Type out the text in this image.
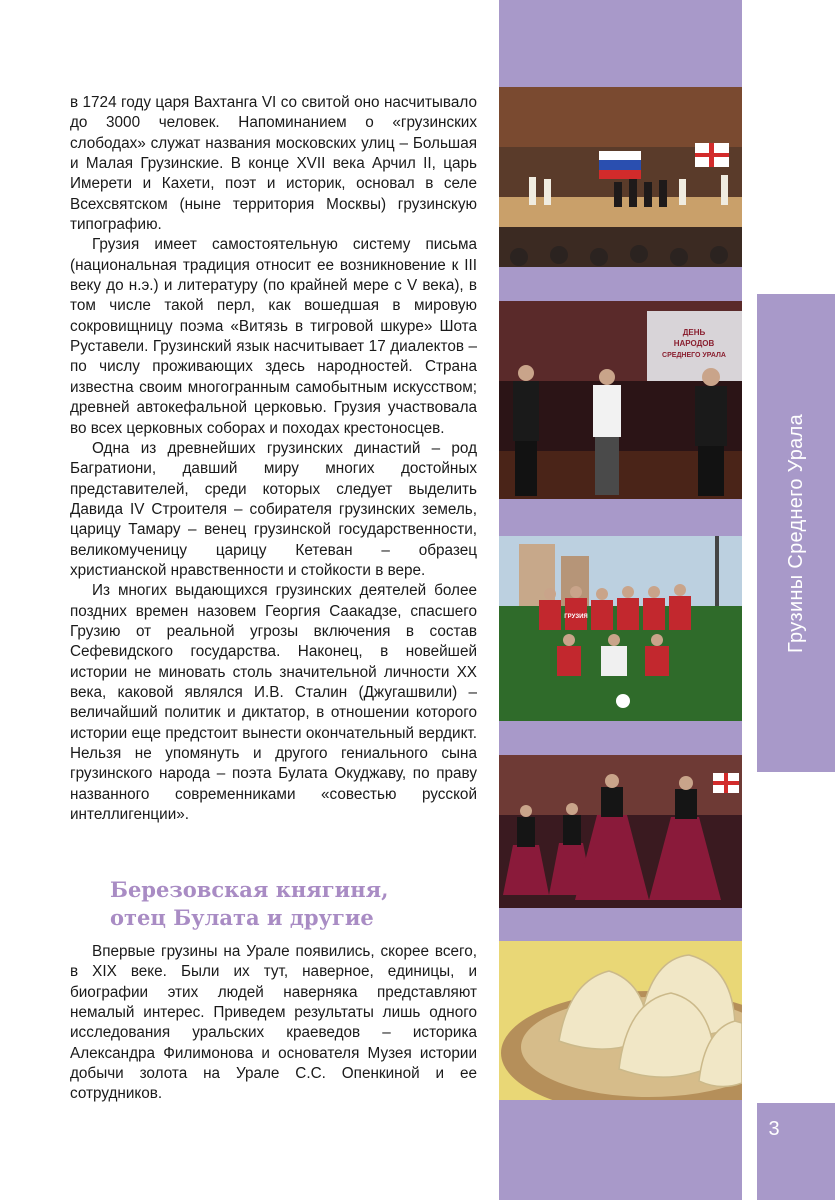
в 1724 году царя Вахтанга VI со свитой оно насчитывало до 3000 человек. Напоминанием о «грузинских слободах» служат названия московских улиц – Большая и Малая Грузинские. В конце XVII века Арчил II, царь Имерети и Кахети, поэт и историк, основал в селе Всехсвятском (ныне территория Москвы) грузинскую типографию.

Грузия имеет самостоятельную систему письма (национальная традиция относит ее возникновение к III веку до н.э.) и литературу (по крайней мере с V века), в том числе такой перл, как вошедшая в мировую сокровищницу поэма «Витязь в тигровой шкуре» Шота Руставели. Грузинский язык насчитывает 17 диалектов – по числу проживающих здесь народностей. Страна известна своим многогранным самобытным искусством; древней автокефальной церковью. Грузия участвовала во всех церковных соборах и походах крестоносцев.

Одна из древнейших грузинских династий – род Багратиони, давший миру многих достойных представителей, среди которых следует выделить Давида IV Строителя – собирателя грузинских земель, царицу Тамару – венец грузинской государственности, великомученицу царицу Кетеван – образец христианской нравственности и стойкости в вере.

Из многих выдающихся грузинских деятелей более поздних времен назовем Георгия Саакадзе, спасшего Грузию от реальной угрозы включения в состав Сефевидского государства. Наконец, в новейшей истории не миновать столь значительной личности XX века, каковой являлся И.В. Сталин (Джугашвили) – величайший политик и диктатор, в отношении которого истории еще предстоит вынести окончательный вердикт. Нельзя не упомянуть и другого гениального сына грузинского народа – поэта Булата Окуджаву, по праву названного современниками «совестью русской интеллигенции».

Березовская княгиня,
отец Булата и другие

Впервые грузины на Урале появились, скорее всего, в XIX веке. Были их тут, наверное, единицы, и биографии этих людей наверняка представляют немалый интерес. Приведем результаты лишь одного исследования уральских краеведов – историка Александра Филимонова и основателя Музея истории добычи золота на Урале С.С. Опенкиной и ее сотрудников.

ДЕНЬ
НАРОДОВ
СРЕДНЕГО УРАЛА
ГРУЗИЯ	Грузины Среднего Урала
3
